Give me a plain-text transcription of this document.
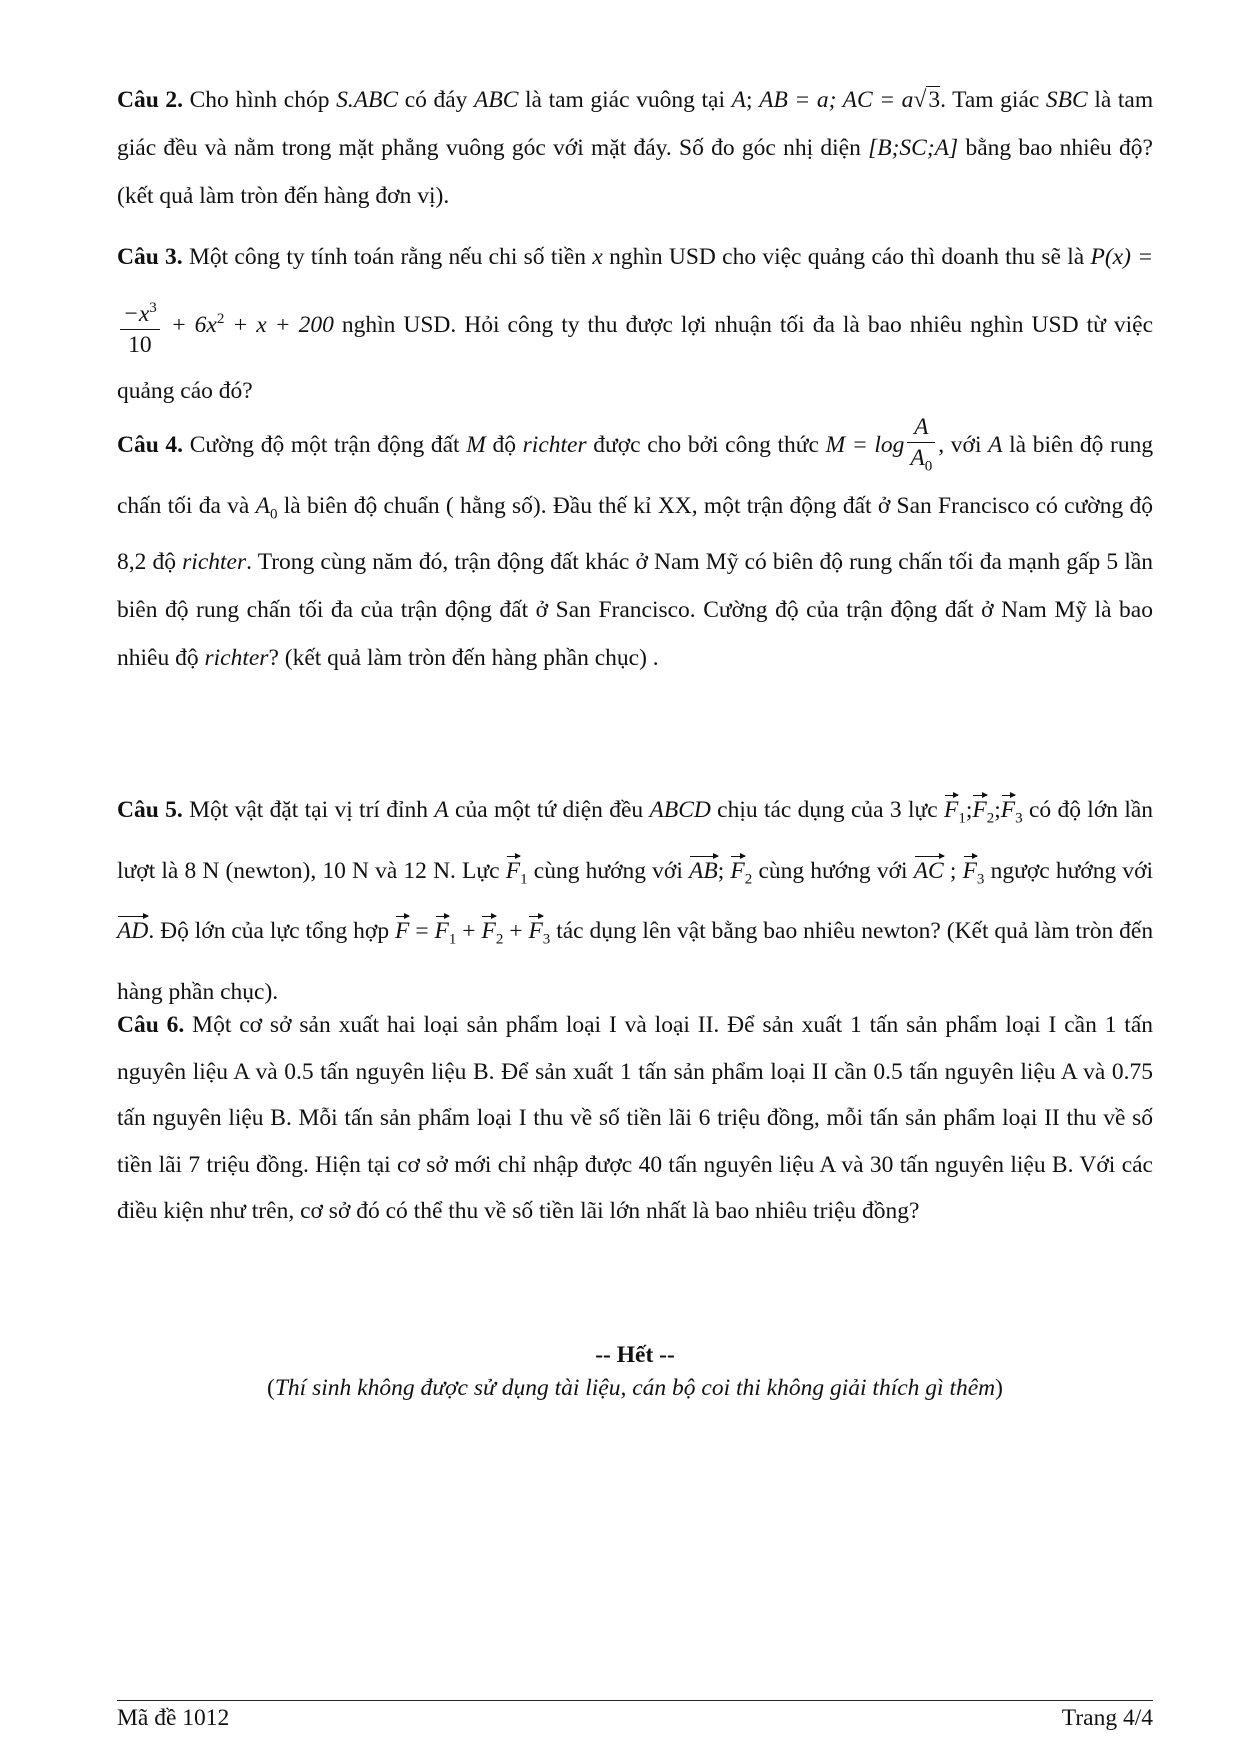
Câu 2. Cho hình chóp S.ABC có đáy ABC là tam giác vuông tại A; AB = a; AC = a√3. Tam giác SBC là tam giác đều và nằm trong mặt phẳng vuông góc với mặt đáy. Số đo góc nhị diện [B;SC;A] bằng bao nhiêu độ? (kết quả làm tròn đến hàng đơn vị).
Câu 3. Một công ty tính toán rằng nếu chi số tiền x nghìn USD cho việc quảng cáo thì doanh thu sẽ là P(x) =
$\frac{-x^3}{10} + 6x^2 + x + 200$ nghìn USD. Hỏi công ty thu được lợi nhuận tối đa là bao nhiêu nghìn USD từ việc quảng cáo đó?
Câu 4. Cường độ một trận động đất M độ richter được cho bởi công thức $M = \log \frac{A}{A_0}$ , với A là biên độ rung chấn tối đa và $A_0$ là biên độ chuẩn ( hằng số). Đầu thế kỉ XX, một trận động đất ở San Francisco có cường độ 8,2 độ richter. Trong cùng năm đó, trận động đất khác ở Nam Mỹ có biên độ rung chấn tối đa mạnh gấp 5 lần biên độ rung chấn tối đa của trận động đất ở San Francisco. Cường độ của trận động đất ở Nam Mỹ là bao nhiêu độ richter? (kết quả làm tròn đến hàng phần chục) .
Câu 5. Một vật đặt tại vị trí đỉnh A của một tứ diện đều ABCD chịu tác dụng của 3 lực $F_1;F_2;F_3$ có độ lớn lần lượt là 8 N (newton), 10 N và 12 N. Lực $F_1$ cùng hướng với AB; $F_2$ cùng hướng với AC ; $F_3$ ngược hướng với AD. Độ lớn của lực tổng hợp $F = F_1 + F_2 + F_3$ tác dụng lên vật bằng bao nhiêu newton? (Kết quả làm tròn đến hàng phần chục).
Câu 6. Một cơ sở sản xuất hai loại sản phẩm loại I và loại II. Để sản xuất 1 tấn sản phẩm loại I cần 1 tấn nguyên liệu A và 0.5 tấn nguyên liệu B. Để sản xuất 1 tấn sản phẩm loại II cần 0.5 tấn nguyên liệu A và 0.75 tấn nguyên liệu B. Mỗi tấn sản phẩm loại I thu về số tiền lãi 6 triệu đồng, mỗi tấn sản phẩm loại II thu về số tiền lãi 7 triệu đồng. Hiện tại cơ sở mới chỉ nhập được 40 tấn nguyên liệu A và 30 tấn nguyên liệu B. Với các điều kiện như trên, cơ sở đó có thể thu về số tiền lãi lớn nhất là bao nhiêu triệu đồng?
-- Hết --
(Thí sinh không được sử dụng tài liệu, cán bộ coi thi không giải thích gì thêm)
Mã đề 1012	Trang 4/4
